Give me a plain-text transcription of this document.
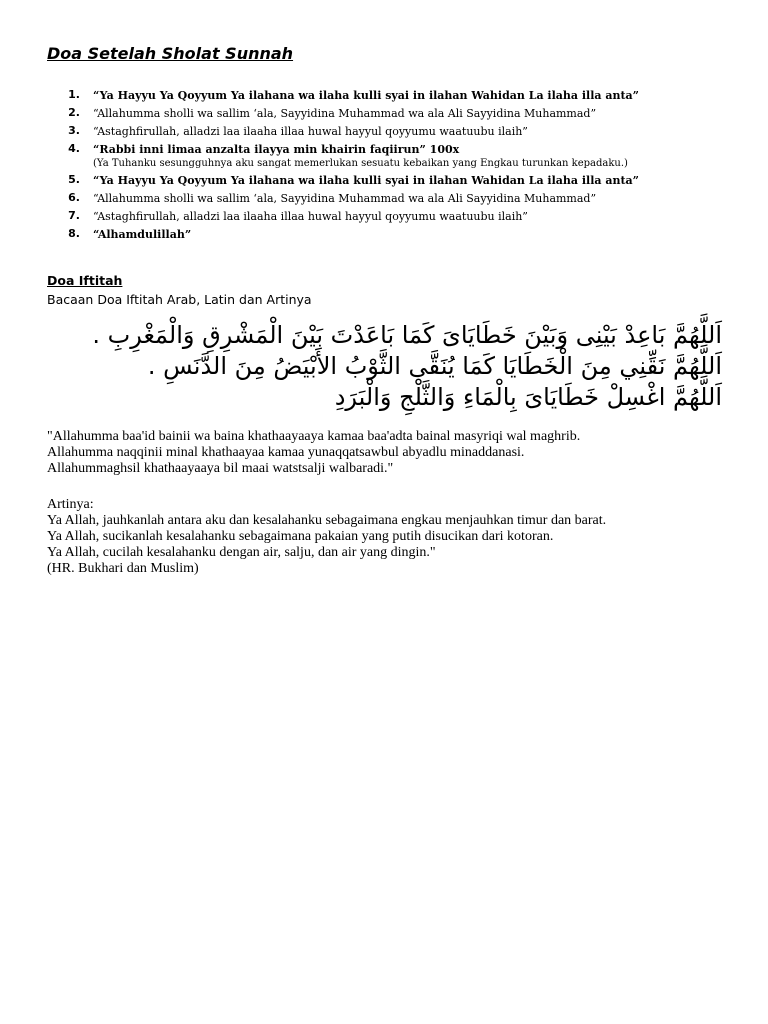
Doa Setelah Sholat Sunnah
1. “Ya Hayyu Ya Qoyyum Ya ilahana wa ilaha kulli syai in ilahan Wahidan La ilaha illa anta”
2. “Allahumma sholli wa sallim ‘ala, Sayyidina Muhammad wa ala Ali Sayyidina Muhammad”
3. “Astaghfirullah, alladzi laa ilaaha illaa huwal hayyul qoyyumu waatuubu ilaih”
4. “Rabbi inni limaa anzalta ilayya min khairin faqiirun” 100x
(Ya Tuhanku sesungguhnya aku sangat memerlukan sesuatu kebaikan yang Engkau turunkan kepadaku.)
5. “Ya Hayyu Ya Qoyyum Ya ilahana wa ilaha kulli syai in ilahan Wahidan La ilaha illa anta”
6. “Allahumma sholli wa sallim ‘ala, Sayyidina Muhammad wa ala Ali Sayyidina Muhammad”
7. “Astaghfirullah, alladzi laa ilaaha illaa huwal hayyul qoyyumu waatuubu ilaih”
8. “Alhamdulillah”
Doa Iftitah

Bacaan Doa Iftitah Arab, Latin dan Artinya

اَللَّهُمَّ بَاعِدْ بَيْنِى وَبَيْنَ خَطَايَاىَ كَمَا بَاعَدْتَ بَيْنَ الْمَشْرِقِ وَالْمَغْرِبِ .
اَللَّهُمَّ نَقِّنِي مِنَ الْخَطَايَا كَمَا يُنَقَّى الثَّوْبُ الأَبْيَضُ مِنَ الدَّنَسِ .
اَللَّهُمَّ اغْسِلْ خَطَايَاىَ بِالْمَاءِ وَالثَّلْجِ وَالْبَرَدِ
"Allahumma baa'id bainii wa baina khathaayaaya kamaa baa'adta bainal masyriqi wal maghrib.
Allahumma naqqinii minal khathaayaa kamaa yunaqqatsawbul abyadlu minaddanasi.
Allahummaghsil khathaayaaya bil maai watstsalji walbaradi."
Artinya:
Ya Allah, jauhkanlah antara aku dan kesalahanku sebagaimana engkau menjauhkan timur dan barat.
Ya Allah, sucikanlah kesalahanku sebagaimana pakaian yang putih disucikan dari kotoran.
Ya Allah, cucilah kesalahanku dengan air, salju, dan air yang dingin."
(HR. Bukhari dan Muslim)
